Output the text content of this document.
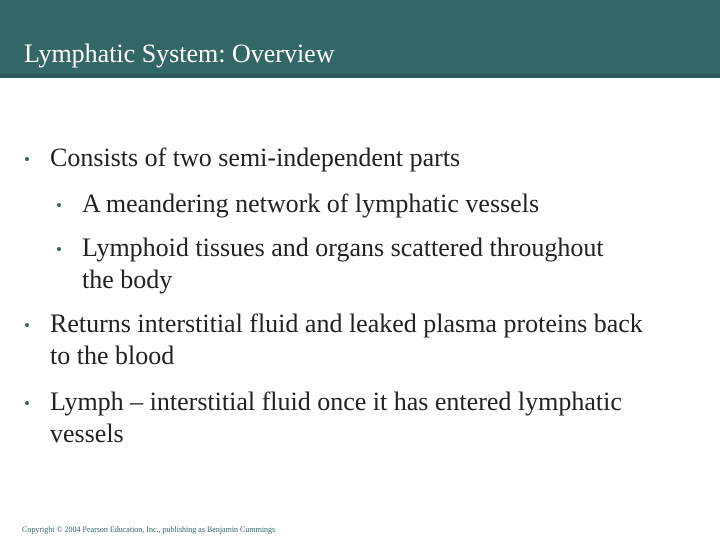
Lymphatic System: Overview
• Consists of two semi-independent parts
• A meandering network of lymphatic vessels
• Lymphoid tissues and organs scattered throughout the body
• Returns interstitial fluid and leaked plasma proteins back to the blood
• Lymph – interstitial fluid once it has entered lymphatic vessels
Copyright © 2004 Pearson Education, Inc., publishing as Benjamin Cummings
